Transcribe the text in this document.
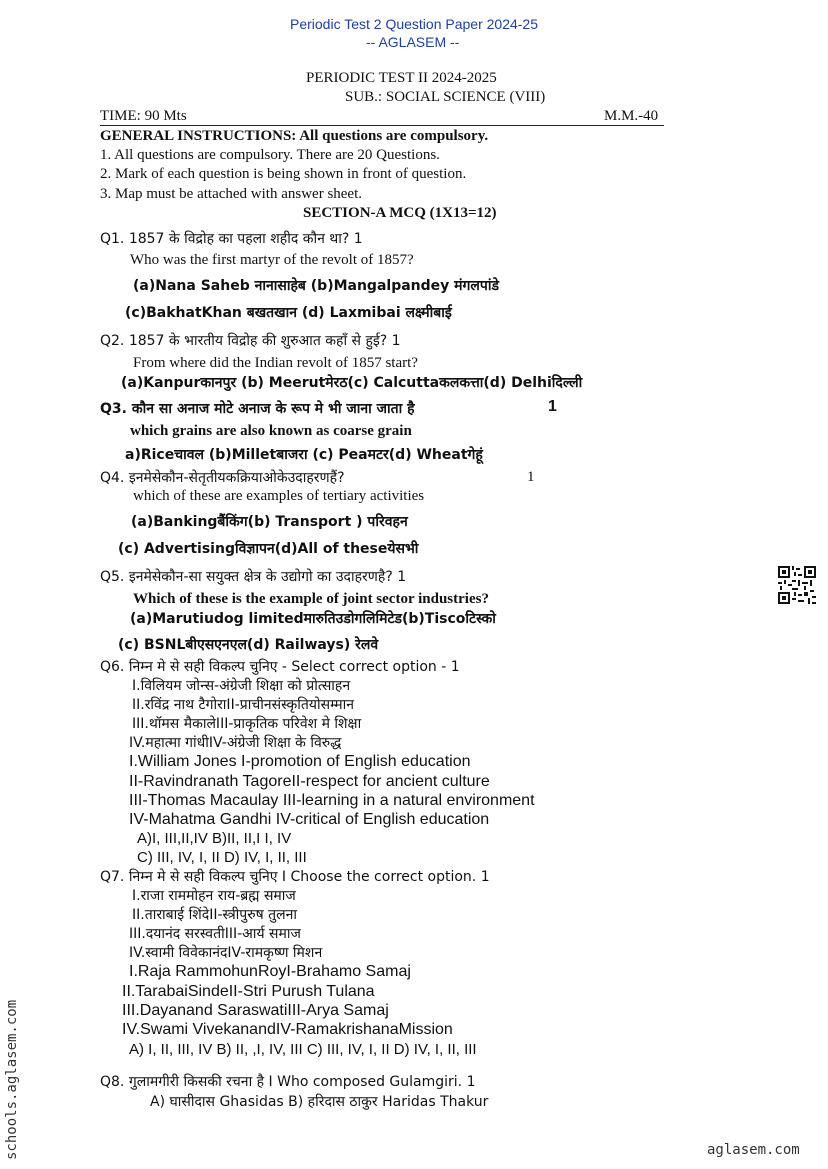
Periodic Test 2 Question Paper 2024-25
-- AGLASEM --
PERIODIC TEST II 2024-2025
SUB.: SOCIAL SCIENCE (VIII)
TIME: 90 Mts	M.M.-40
GENERAL INSTRUCTIONS: All questions are compulsory.
1. All questions are compulsory. There are 20 Questions.
2. Mark of each question is being shown in front of question.
3. Map must be attached with answer sheet.
SECTION-A MCQ (1X13=12)
Q1. 1857 के विद्रोह का पहला शहीद कौन था? 1
Who was the first martyr of the revolt of 1857?
(a)Nana Saheb नानासाहेब (b)Mangalpandey मंगलपांडे
(c)BakhatKhan बखतखान (d) Laxmibai लक्ष्मीबाई
Q2. 1857 के भारतीय विद्रोह की शुरुआत कहाँ से हुई? 1
From where did the Indian revolt of 1857 start?
(a)Kanpurकानपुर (b) Meerutमेरठ(c) Calcuttaकलकत्ता(d) Delhiदिल्ली
Q3. कौन सा अनाज मोटे अनाज के रूप मे भी जाना जाता है	1
which grains are also known as coarse grain
a)Riceचावल (b)Milletबाजरा (c) Peaमटर(d) Wheatगेहूं
Q4. इनमेसेकौन-सेतृतीयकक्रियाओकेउदाहरणहैं?	1
which of these are examples of tertiary activities
(a)Bankingबैंकिंग(b) Transport ) परिवहन
(c) Advertisingविज्ञापन(d)All of theseयेसभी
Q5. इनमेसेकौन-सा सयुक्त क्षेत्र के उद्योगो का उदाहरणहै? 1
Which of these is the example of joint sector industries?
(a)Marutiudog limitedमारुतिउडोगलिमिटेड(b)Tiscoटिस्को
(c) BSNLबीएसएनएल(d) Railways) रेलवे
Q6. निम्न मे से सही विकल्प चुनिए - Select correct option - 1
I.विलियम जोन्स-अंग्रेजी शिक्षा को प्रोत्साहन
II.रविंद्र नाथ टैगोराII-प्राचीनसंस्कृतियोसम्मान
III.थॉमस मैकालेIII-प्राकृतिक परिवेश मे शिक्षा
IV.महात्मा गांधीIV-अंग्रेजी शिक्षा के विरुद्ध
I.William Jones I-promotion of English education
II-Ravindranath TagoreII-respect for ancient culture
III-Thomas Macaulay III-learning in a natural environment
IV-Mahatma Gandhi IV-critical of English education
A)I, III,II,IV B)II, II,I I, IV
C) III, IV, I, II D) IV, I, II, III
Q7. निम्न मे से सही विकल्प चुनिए I Choose the correct option. 1
I.राजा राममोहन राय-ब्रह्म समाज
II.ताराबाई शिंदेII-स्त्रीपुरुष तुलना
III.दयानंद सरस्वतीIII-आर्य समाज
IV.स्वामी विवेकानंदIV-रामकृष्ण मिशन
I.Raja RammohunRoyI-Brahamo Samaj
II.TarabaiSindeII-Stri Purush Tulana
III.Dayanand SaraswatiIII-Arya Samaj
IV.Swami VivekanandIV-RamakrishanaMission
A) I, II, III, IV B) II, ,I, IV, III C) III, IV, I, II D) IV, I, II, III
Q8. गुलामगीरी किसकी रचना है I Who composed Gulamgiri. 1
A) घासीदास Ghasidas B) हरिदास ठाकुर Haridas Thakur
schools.aglasem.com	aglasem.com
